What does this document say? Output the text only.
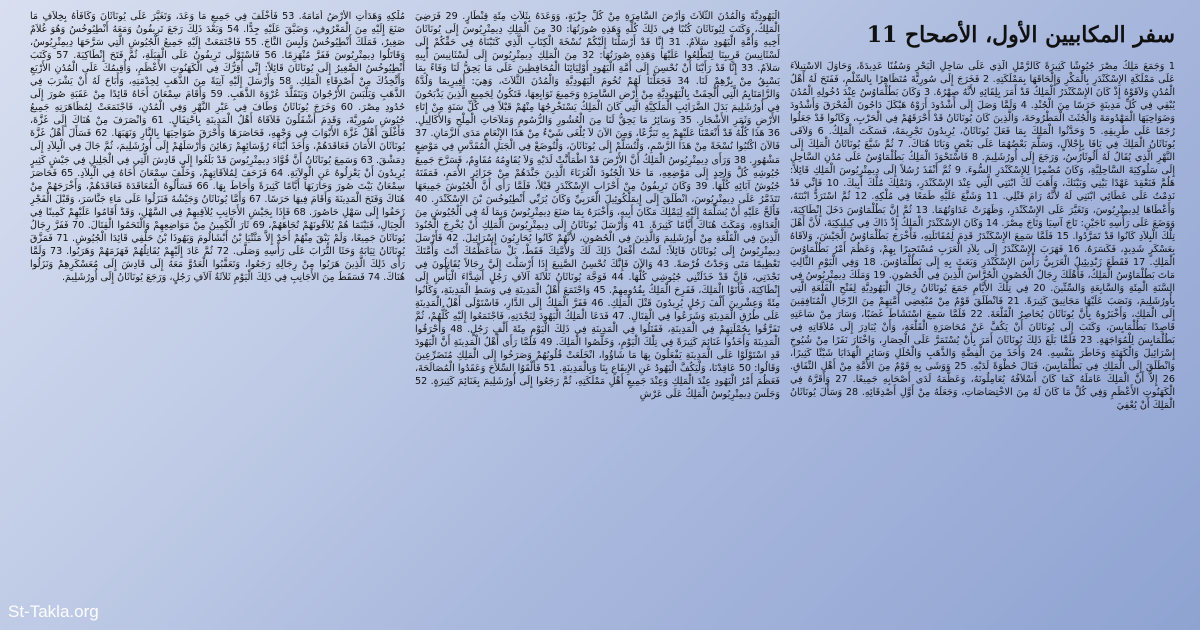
سفر المكابيين الأول، الأصحاح 11
1 وَجَمَعَ مَلِكُ مِصْرَ جُيُوشًا كَثِيرَةً كَالرَّمْلِ الَّذِي عَلَى سَاحِلِ الْبَحْرِ وَسُفُنًا عَدِيدَةً، وَحَاوَلَ الاسْتِيلاَءَ عَلَى مَمْلَكَةِ الإِسْكَنْدَرِ بِالْمَكْرِ وَإِلْحَاقَهَا بِمَمْلَكَتِهِ. 2 فَخَرَجَ إِلَى سُورِيَّةَ مُتَظَاهِرًا بِالسِّلْمِ، فَفَتَحَ لَهُ أَهْلُ الْمُدُنِ وَلاَقَوْهُ إِذْ كَانَ الإِسْكَنْدَرُ الْمَلِكُ قَدْ أَمَرَ بِلِقَائِهِ لأَنَّهُ صِهْرُهُ. 3 وَكَانَ بَطُلْمَاوُسُ عِنْدَ دُخُولِهِ الْمُدُنَ يُبْقِي فِي كُلِّ مَدِينَةٍ حَرَسًا مِنَ الْجُنْدِ. 4 وَلَمَّا وَصَلَ إِلَى أَشْدُودَ أَرَوْهُ هَيْكَلَ دَاجُونَ الْمُحْرَقَ وَأَشْدُودَ وَضَوَاحِيَهَا الْمَهْدُومَةَ وَالْجُثَثَ الْمَطْرُوحَةَ، وَالَّذِينَ كَانَ يُونَاثَانُ قَدْ أَحْرَقَهُمْ فِي الْحَرْبِ، وَكَانُوا قَدْ جَعَلُوا رُجَمًا عَلَى طَرِيقِهِ. 5 وَحَدَّثُوا الْمَلِكَ بِمَا فَعَلَ يُونَاثَانُ، يُرِيدُونَ تَجْرِيمَهُ، فَسَكَتَ الْمَلِكُ. 6 وَلاَقَى يُونَاثَانُ الْمَلِكَ فِي يَافَا بِإِجْلاَلٍ، وَسَلَّمَ بَعْضُهُمَا عَلَى بَعْضٍ وَبَاتَا هُنَاكَ. 7 ثُمَّ شَيَّعَ يُونَاثَانُ الْمَلِكَ إِلَى النَّهْرِ الَّذِي يُقَالُ لَهُ أَلُوثَارُسُ، وَرَجَعَ إِلَى أُورُشَلِيمَ. 8 فَاسْتَحْوَذَ الْمَلِكُ بَطُلْمَاوُسُ عَلَى مُدُنِ السَّاحِلِ إِلَى سَلُوكِيَةَ السَّاحِلِيَّةِ، وَكَانَ مُضْمِرًا لِلإِسْكَنْدَرِ السُّوءَ. 9 ثُمَّ أَنْفَذَ رُسُلاً إِلَى دِيمِتْرِيُوسَ الْمَلِكِ قَائِلاً: هَلُمَّ فَنَعْقِدَ عَهْدًا بَيْنِي وَبَيْنَكَ، وَأَهَبَ لَكَ ابْنَتِي الَّتِي عِنْدَ الإِسْكَنْدَرِ، وَتَمْلِكَ مُلْكَ أَبِيكَ. 10 فَإِنِّي قَدْ نَدِمْتُ عَلَى عَطَائِي ابْنَتِي لَهُ لأَنَّهُ رَامَ قَتْلِي. 11 وَشَنَّعَ عَلَيْهِ طَمَعًا فِي مُلْكِهِ. 12 ثُمَّ اسْتَرَدَّ ابْنَتَهُ، وَأَعْطَاهَا لِدِيمِتْرِيُوسَ، وَتَغَيَّرَ عَلَى الإِسْكَنْدَرِ، وَظَهَرَتْ عَدَاوَتُهُمَا. 13 ثُمَّ إِنَّ بَطُلْمَاوُسَ دَخَلَ إِنْطَاكِيَةَ، وَوَضَعَ عَلَى رَأْسِهِ تَاجَيْنِ: تَاجَ آسِيَا وَتَاجَ مِصْرَ. 14 وَكَانَ الإِسْكَنْدَرُ الْمَلِكُ إِذْ ذَاكَ فِي كِيلِيكِيَةَ، لأَنَّ أَهْلَ تِلْكَ الْبِلاَدِ كَانُوا قَدْ تَمَرَّدُوا. 15 فَلَمَّا سَمِعَ الإِسْكَنْدَرُ قَدِمَ لِمُقَاتَلَتِهِ، فَأَخْرَجَ بَطُلْمَاوُسُ الْجَيْشَ، وَلاَقَاهُ بِعَسْكَرٍ شَدِيدٍ، فَكَسَرَهُ. 16 فَهَرَبَ الإِسْكَنْدَرُ إِلَى بِلاَدِ الْعَرَبِ مُسْتَجِيرًا بِهِمْ، وَعَظُمَ أَمْرُ بَطُلْمَاوُسَ الْمَلِكِ. 17 فَقَطَعَ زَبْدِيئِيلُ الْعَرَبِيُّ رَأْسَ الإِسْكَنْدَرِ وَبَعَثَ بِهِ إِلَى بَطُلْمَاوُسَ. 18 وَفِي الْيَوْمِ الثَّالِثِ مَاتَ بَطُلْمَاوُسُ الْمَلِكُ، فَأَهْلَكَ رِجَالُ الْحُصُونِ الْحُرَّاسَ الَّذِينَ فِي الْحُصُونِ. 19 وَمَلَكَ دِيمِتْرِيُوسُ فِي السَّنَةِ الْمِئَةِ وَالسَّابِعَةِ وَالسِّتِّينَ. 20 فِي تِلْكَ الأَيَّامِ جَمَعَ يُونَاثَانُ رِجَالَ الْيَهُودِيَّةِ لِفَتْحِ الْقَلْعَةِ الَّتِي بِأُورُشَلِيمَ، وَنَصَبَ عَلَيْهَا مَجَانِيقَ كَثِيرَةً. 21 فَانْطَلَقَ قَوْمٌ مِنْ مُبْغِضِي أُمَّتِهِمْ مِنَ الرِّجَالِ الْمُنَافِقِينَ إِلَى الْمَلِكِ، وَأَخْبَرُوهُ بِأَنَّ يُونَاثَانَ يُحَاصِرُ الْقَلْعَةَ. 22 فَلَمَّا سَمِعَ اسْتَشَاطَ غَضَبًا، وَسَارَ مِنْ سَاعَتِهِ قَاصِدًا بَطُلْمَايِسَ، وَكَتَبَ إِلَى يُونَاثَانَ أَنْ يَكُفَّ عَنْ مُحَاصَرَةِ الْقَلْعَةِ، وَأَنْ يُبَادِرَ إِلَى مُلاَقَاتِهِ فِي بَطُلْمَايِسَ لِلْمُوَاجَهَةِ. 23 فَلَمَّا بَلَغَ ذَلِكَ يُونَاثَانَ أَمَرَ بِأَنْ يُسْتَمَرَّ عَلَى الْحِصَارِ، وَاخْتَارَ نَفَرًا مِنْ شُيُوخِ إِسْرَائِيلَ وَالْكَهَنَةِ وَخَاطَرَ بِنَفْسِهِ. 24 وَأَخَذَ مِنَ الْفِضَّةِ وَالذَّهَبِ وَالْحُلَلِ وَسَائِرِ الْهَدَايَا شَيْئًا كَثِيرًا، وَانْطَلَقَ إِلَى الْمَلِكِ فِي بَطُلْمَايِسَ، فَنَالَ حُظْوَةً لَدَيْهِ. 25 وَوَشَى بِهِ قَوْمٌ مِنَ الأُمَّةِ مِنْ أَهْلِ النِّفَاقِ. 26 إِلاَّ أَنَّ الْمَلِكَ عَامَلَهُ كَمَا كَانَ أَسْلاَفُهُ يُعَامِلُونَهُ، وَعَظَّمَهُ لَدَى أَصْحَابِهِ جَمِيعًا. 27 وَأَقَرَّهُ فِي الْكَهَنُوتِ الأَعْظَمِ وَفِي كُلِّ مَا كَانَ لَهُ مِنَ الاخْتِصَاصَاتِ، وَجَعَلَهُ مِنْ أَوَّلِ أَصْدِقَائِهِ. 28 وَسَأَلَ يُونَاثَانُ الْمَلِكَ أَنْ يُعْفِيَ
الْيَهُودِيَّةَ وَالْمُدُنَ الثَّلاَثَ وَأَرْضَ السَّامِرَةِ مِنْ كُلِّ جِزْيَةٍ، وَوَعَدَهُ بِثَلاَثِ مِئَةِ قِنْطَارٍ. 29 فَرَضِيَ الْمَلِكُ، وَكَتَبَ لِيُونَاثَانَ كُتُبًا فِي ذَلِكَ كُلِّهِ وَهَذِهِ صُورَتُهَا: 30 مِنَ الْمَلِكِ دِيمِتْرِيُوسَ إِلَى يُونَاثَانَ أَخِيهِ وَأُمَّةِ الْيَهُودِ سَلاَمٌ. 31 إِنَّا قَدْ أَرْسَلْنَا إِلَيْكُمْ نُسْخَةَ الْكِتَابِ الَّذِي كَتَبْنَاهُ فِي حَقِّكُمْ إِلَى لَسْثَانِيسَ قَرِيبِنَا لِتَطَّلِعُوا عَلَيْهَا وَهَذِهِ صُورَتُهَا: 32 مِنَ الْمَلِكِ دِيمِتْرِيُوسَ إِلَى لَسْثَانِيسَ أَبِيهِ سَلاَمٌ. 33 إِنَّا قَدْ رَأَيْنَا أَنْ نُحْسِنَ إِلَى أُمَّةِ الْيَهُودِ أَوْلِيَائِنَا الْمُحَافِظِينَ عَلَى مَا يَحِقُّ لَنَا وَفَاءً بِمَا يَسْبِقُ مِنْ بِرِّهِمْ لَنَا. 34 فَجَعَلْنَا لَهُمْ تُخُومَ الْيَهُودِيَّةِ وَالْمُدُنَ الثَّلاَثَ، وَهِيَ: أَفِيرِيمَا وَلُدَّةُ وَالرَّامَتَايِمُ الَّتِي أُلْحِقَتْ بِالْيَهُودِيَّةِ مِنْ أَرْضِ السَّامِرَةِ وَجَمِيعَ تَوَابِعِهَا، فَتَكُونُ لِجَمِيعِ الَّذِينَ يَذْبَحُونَ فِي أُورُشَلِيمَ بَدَلَ الضَّرَائِبِ الْمَلَكِيَّةِ الَّتِي كَانَ الْمَلِكُ يَسْتَخْرِجُهَا مِنْهُمْ قَبْلاً فِي كُلِّ سَنَةٍ مِنْ إِتَاءِ الأَرْضِ وَثَمَرِ الأَشْجَارِ. 35 وَسَائِرُ مَا يَحِقُّ لَنَا مِنَ الْعُشُورِ وَالرُّسُومِ وَمَلاَحَاتِ الْمِلْحِ وَالأَكَالِيلِ. 36 هَذَا كُلُّهُ قَدْ أَنْعَمْنَا عَلَيْهِمْ بِهِ تَبَرُّعًا، وَمِنَ الآنَ لاَ يُلْغَى شَيْءٌ مِنْ هَذَا الإِنْعَامِ مَدَى الزَّمَانِ. 37 فَالآنَ اكْتُبُوا نُسْخَةً مِنْ هَذَا الرَّسْمِ، وَلْتُسَلَّمْ إِلَى يُونَاثَانَ، وَلْتُوضَعْ فِي الْجَبَلِ الْمُقَدَّسِ فِي مَوْضِعٍ مَشْهُورٍ. 38 وَرَأَى دِيمِتْرِيُوسُ الْمَلِكُ أَنَّ الأَرْضَ قَدْ اطْمَأَنَّتْ لَدَيْهِ وَلاَ يُقَاوِمُهُ مُقَاوِمٌ، فَسَرَّحَ جَمِيعَ جُيُوشِهِ كُلَّ وَاحِدٍ إِلَى مَوْضِعِهِ، مَا خَلاَ الْجُنُودَ الْغُرَبَاءَ الَّذِينَ جَنَّدَهُمْ مِنْ جَزَائِرِ الأُمَمِ، فَمَقَتَهُ جُيُوشُ آبَائِهِ كُلُّهَا. 39 وَكَانَ تَرِيفُونُ مِنْ أَحْزَابِ الإِسْكَنْدَرِ قَبْلاً، فَلَمَّا رَأَى أَنَّ الْجُيُوشَ جَمِيعَهَا تَتَذَمَّرُ عَلَى دِيمِتْرِيُوسَ، انْطَلَقَ إِلَى إِيمَلْكُوئِيلَ الْعَرَبِيِّ وَكَانَ يُرَبِّي أَنْطِيُوخُسَ بْنَ الإِسْكَنْدَرِ. 40 فَأَلَحَّ عَلَيْهِ أَنْ يُسَلِّمَهُ إِلَيْهِ لِيَمْلِكَ مَكَانَ أَبِيهِ، وَأَخْبَرَهُ بِمَا صَنَعَ دِيمِتْرِيُوسُ وَبِمَا لَهُ فِي الْجُيُوشِ مِنَ الْعَدَاوَةِ، وَمَكَثَ هُنَاكَ أَيَّامًا كَثِيرَةً. 41 وَأَرْسَلَ يُونَاثَانُ إِلَى دِيمِتْرِيُوسَ الْمَلِكِ أَنْ يُخْرِجَ الْجُنُودَ الَّذِينَ فِي الْقَلْعَةِ مِنْ أُورُشَلِيمَ وَالَّذِينَ فِي الْحُصُونِ، لأَنَّهُمْ كَانُوا يُحَارِبُونَ إِسْرَائِيلَ. 42 فَأَرْسَلَ دِيمِتْرِيُوسُ إِلَى يُونَاثَانَ قَائِلاً: لَسْتُ أَفْعَلُ ذَلِكَ لَكَ وَلأُمَّتِكَ فَقَطْ، بَلْ سَأُعَظِّمُكَ أَنْتَ وَأُمَّتَكَ تَعْظِيمًا مَتَى وَجَدْتُ فُرْصَةً. 43 وَالآنَ فَإِنَّكَ تُحْسِنُ الصَّنِيعَ إِذَا أَرْسَلْتَ إِلَيَّ رِجَالاً يُقَاتِلُونَ فِي نَجْدَتِي، فَإِنَّ قَدْ خَذَلَتْنِي جُيُوشِي كُلُّهَا. 44 فَوَجَّهَ يُونَاثَانُ ثَلاَثَةَ آلاَفِ رَجُلٍ أَشِدَّاءَ الْبَأْسِ إِلَى إِنْطَاكِيَةَ، فَأَتَوْا الْمَلِكَ، فَفَرِحَ الْمَلِكُ بِقُدُومِهِمْ. 45 وَاجْتَمَعَ أَهْلُ الْمَدِينَةِ فِي وَسَطِ الْمَدِينَةِ، وَكَانُوا مِئَةً وَعِشْرِينَ أَلْفَ رَجُلٍ يُرِيدُونَ قَتْلَ الْمَلِكِ. 46 فَفَرَّ الْمَلِكُ إِلَى الدَّارِ، فَاسْتَوْلَى أَهْلُ الْمَدِينَةِ عَلَى طُرُقِ الْمَدِينَةِ وَشَرَعُوا فِي الْقِتَالِ. 47 فَدَعَا الْمَلِكُ الْيَهُودَ لِنَجْدَتِهِ، فَاجْتَمَعُوا إِلَيْهِ كُلُّهُمْ، ثُمَّ تَفَرَّقُوا بِجُمْلَتِهِمْ فِي الْمَدِينَةِ، فَقَتَلُوا فِي الْمَدِينَةِ فِي ذَلِكَ الْيَوْمِ مِئَةَ أَلْفٍ رَجُلٍ. 48 وَأَحْرَقُوا الْمَدِينَةَ وَأَخَذُوا غَنَائِمَ كَثِيرَةً فِي تِلْكَ الْيَوْمِ، وَخَلَّصُوا الْمَلِكَ. 49 فَلَمَّا رَأَى أَهْلُ الْمَدِينَةِ أَنَّ الْيَهُودَ قَدِ اسْتَوْلَوْا عَلَى الْمَدِينَةِ يَفْعَلُونَ بِهَا مَا شَاؤُوا، انْخَلَعَتْ قُلُوبُهُمْ وَصَرَخُوا إِلَى الْمَلِكِ مُتَضَرِّعِينَ وَقَالُوا: 50 عَاقِدْنَا، وَلْيَكُفَّ الْيَهُودُ عَنِ الإِيقَاعِ بِنَا وَبِالْمَدِينَةِ. 51 فَأَلْقَوُا السِّلاَحَ وَعَقَدُوا الْمُصَالَحَةَ، فَعَظُمَ أَمْرُ الْيَهُودِ عِنْدَ الْمَلِكِ وَعِنْدَ جَمِيعِ أَهْلِ مَمْلَكَتِهِ، ثُمَّ رَجَعُوا إِلَى أُورُشَلِيمَ بِغَنَائِمَ كَثِيرَةٍ. 52 وَجَلَسَ دِيمِتْرِيُوسُ الْمَلِكُ عَلَى عَرْشِ
مُلْكِهِ وَهَدَأَتِ الأَرْضُ أَمَامَهُ. 53 فَأَخْلَفَ فِي جَمِيعِ مَا وَعَدَ، وَتَغَيَّرَ عَلَى يُونَاثَانَ وَكَافَأَهُ بِخِلاَفِ مَا صَنَعَ إِلَيْهِ مِنَ الْمَعْرُوفِ، وَضَيَّقَ عَلَيْهِ جِدًّا. 54 وَبَعْدَ ذَلِكَ رَجَعَ تَرِيفُونُ وَمَعَهُ أَنْطِيُوخُسُ وَهُوَ غُلاَمٌ صَغِيرٌ، فَمَلَكَ أَنْطِيُوخُسُ وَلَبِسَ التَّاجَ. 55 فَاجْتَمَعَتْ إِلَيْهِ جَمِيعُ الْجُيُوشِ الَّتِي سَرَّحَهَا دِيمِتْرِيُوسُ، وَقَاتَلُوا دِيمِتْرِيُوسَ فَفَرَّ مُنْهَزِمًا. 56 فَاسْتَوْلَى تَرِيفُونُ عَلَى الْفِيَلَةِ، ثُمَّ فَتَحَ إِنْطَاكِيَةَ. 57 وَكَتَبَ أَنْطِيُوخُسُ الصَّغِيرُ إِلَى يُونَاثَانَ قَائِلاً: إِنِّي أُقِرُّكَ فِي الْكَهَنُوتِ الأَعْظَمِ، وَأُقِيمُكَ عَلَى الْمُدُنِ الأَرْبَعِ وَأَتَّخِذُكَ مِنْ أَصْدِقَاءِ الْمَلِكِ. 58 وَأَرْسَلَ إِلَيْهِ آنِيَةً مِنَ الذَّهَبِ لِخِدْمَتِهِ، وَأَبَاحَ لَهُ أَنْ يَشْرَبَ فِي الذَّهَبِ وَيَلْبَسَ الأُرْجُوانَ وَيَتَقَلَّدَ عُرْوَةَ الذَّهَبِ. 59 وَأَقَامَ سِمْعَانَ أَخَاهُ قَائِدًا مِنْ عَقَبَةِ صُورَ إِلَى حُدُودِ مِصْرَ. 60 وَخَرَجَ يُونَاثَانُ وَطَافَ فِي عَبْرِ النَّهْرِ وَفِي الْمُدُنِ، فَاجْتَمَعَتْ لِمُظَاهَرَتِهِ جَمِيعُ جُيُوشِ سُورِيَّةَ، وَقَدِمَ أَشْقَلُونَ فَلاَقَاهُ أَهْلُ الْمَدِينَةِ بِاحْتِفَالٍ. 61 وَانْصَرَفَ مِنْ هُنَاكَ إِلَى غَزَّةَ، فَأَغْلَقَ أَهْلُ غَزَّةَ الأَبْوَابَ فِي وَجْهِهِ، فَحَاصَرَهَا وَأَحْرَقَ ضَوَاحِيَهَا بِالنَّارِ وَنَهَبَهَا. 62 فَسَأَلَ أَهْلُ غَزَّةَ يُونَاثَانَ الأَمَانَ فَعَاقَدَهُمْ، وَأَخَذَ أَبْنَاءَ رُؤَسَائِهِمْ رَهَائِنَ وَأَرْسَلَهُمْ إِلَى أُورُشَلِيمَ، ثُمَّ جَالَ فِي الْبِلاَدِ إِلَى دِمَشْقَ. 63 وَسَمِعَ يُونَاثَانُ أَنَّ قُوَّادَ دِيمِتْرِيُوسَ قَدْ بَلَغُوا إِلَى قَادِشَ الَّتِي فِي الْجَلِيلِ فِي جَيْشٍ كَثِيرٍ يُرِيدُونَ أَنْ يَعْزِلُوهُ عَنِ الْوِلاَيَةِ. 64 فَزَحَفَ لِمُلاَقَاتِهِمْ، وَخَلَّفَ سِمْعَانَ أَخَاهُ فِي الْبِلاَدِ. 65 فَحَاصَرَ سِمْعَانُ بَيْتَ صُورَ وَحَارَبَهَا أَيَّامًا كَثِيرَةً وَأَحَاطَ بِهَا. 66 فَسَأَلُوهُ الْمُعَاقَدَةَ فَعَاقَدَهُمْ، وَأَخْرَجَهُمْ مِنْ هُنَاكَ وَفَتَحَ الْمَدِينَةَ وَأَقَامَ فِيهَا حَرَسًا. 67 وَأَمَّا يُونَاثَانُ وَجَيْشُهُ فَنَزَلُوا عَلَى مَاءِ جَنَّاسَرَ، وَقَبْلَ الْفَجْرِ زَحَفُوا إِلَى سَهْلِ حَاصُورَ. 68 فَإِذَا بِجَيْشِ الأَجَانِبِ يُلاَقِيهِمْ فِي السَّهْلِ، وَقَدْ أَقَامُوا عَلَيْهِمْ كَمِينًا فِي الْجِبَالِ، فَبَيْنَمَا هُمْ يُلاَقُونَهُمْ تُجَاهَهُمْ، 69 ثَارَ الْكَمِينُ مِنْ مَوَاضِعِهِمْ وَالْتَحَمُوا الْقِتَالَ. 70 فَفَرَّ رِجَالُ يُونَاثَانَ جَمِيعًا، وَلَمْ يَبْقَ مِنْهُمْ أَحَدٌ إِلاَّ مَتَّتْيَا بْنُ أَبْشَالُومَ وَيَهُوذَا بْنُ حَلْفِي قَائِدَا الْجُيُوشِ. 71 فَمَزَّقَ يُونَاثَانُ ثِيَابَهُ وَحَثَا التُّرَابَ عَلَى رَأْسِهِ وَصَلَّى. 72 ثُمَّ عَادَ إِلَيْهِمْ يُقَاتِلُهُمْ فَهَزَمَهُمْ وَهَرَبُوا. 73 وَلَمَّا رَأَى ذَلِكَ الَّذِينَ هَرَبُوا مِنْ رِجَالِهِ رَجَعُوا، وَتَعَقَّبُوا الْعَدُوَّ مَعَهُ إِلَى قَادِشَ إِلَى مُعَسْكَرِهِمْ وَنَزَلُوا هُنَاكَ. 74 فَسَقَطَ مِنَ الأَجَانِبِ فِي ذَلِكَ الْيَوْمِ ثَلاَثَةُ آلاَفِ رَجُلٍ، وَرَجَعَ يُونَاثَانُ إِلَى أُورُشَلِيمَ.
St-Takla.org
